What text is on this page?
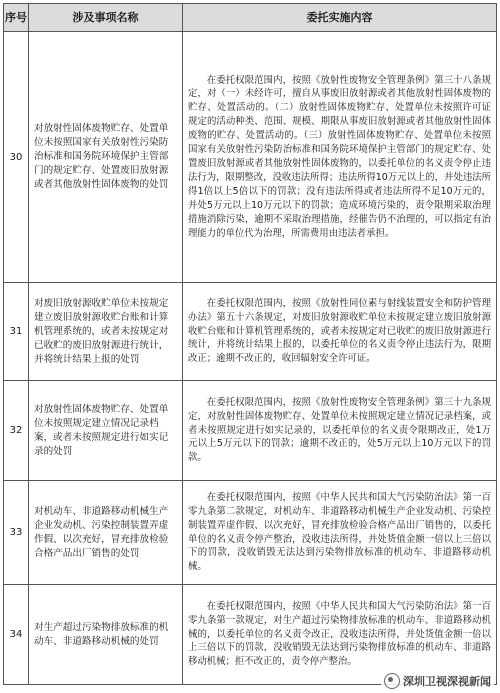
序号	涉及事项名称	委托实施内容
30	对放射性固体废物贮存、处置单位未按照国家有关放射性污染防治标准和国务院环境保护主管部门的规定贮存、处置废旧放射源或者其他放射性固体废物的处罚	在委托权限范围内，按照《放射性废物安全管理条例》第三十八条规定，对（一）未经许可，擅自从事废旧放射源或者其他放射性固体废物的贮存、处置活动的。（二）放射性固体废物贮存、处置单位未按照许可证规定的活动种类、范围、规模、期限从事废旧放射源或者其他放射性固体废物的贮存、处置活动的。（三）放射性固体废物贮存、处置单位未按照国家有关放射性污染防治标准和国务院环境保护主管部门的规定贮存、处置废旧放射源或者其他放射性固体废物的，以委托单位的名义责令停止违法行为，限期整改，没收违法所得；违法所得10万元以上的，并处违法所得1倍以上5倍以下的罚款；没有违法所得或者违法所得不足10万元的，并处5万元以上10万元以下的罚款；造成环境污染的，责令限期采取治理措施消除污染，逾期不采取治理措施，经催告仍不治理的，可以指定有治理能力的单位代为治理，所需费用由违法者承担。

31	对废旧放射源收贮单位未按规定建立废旧放射源收贮台账和计算机管理系统的，或者未按规定对已收贮的废旧放射源进行统计，并将统计结果上报的处罚	在委托权限范围内，按照《放射性同位素与射线装置安全和防护管理办法》第五十六条规定，对废旧放射源收贮单位未按规定建立废旧放射源收贮台账和计算机管理系统的，或者未按规定对已收贮的废旧放射源进行统计，并将统计结果上报的，以委托单位的名义责令停止违法行为，限期改正；逾期不改正的，收回辐射安全许可证。

32	对放射性固体废物贮存、处置单位未按照规定建立情况记录档案，或者未按照规定进行如实记录的处罚	在委托权限范围内，按照《放射性废物安全管理条例》第三十九条规定，对放射性固体废物贮存、处置单位未按照规定建立情况记录档案，或者未按照规定进行如实记录的，以委托单位的名义责令限期改正，处1万元以上5万元以下的罚款；逾期不改正的，处5万元以上10万元以下的罚款。

33	对机动车、非道路移动机械生产企业发动机、污染控制装置弄虚作假、以次充好，冒充排放检验合格产品出厂销售的处罚	在委托权限范围内，按照《中华人民共和国大气污染防治法》第一百零九条第二款规定，对机动车、非道路移动机械生产企业发动机、污染控制装置弄虚作假、以次充好，冒充排放检验合格产品出厂销售的，以委托单位的名义责令停产整治，没收违法所得，并处货值金额一倍以上三倍以下的罚款，没收销毁无法达到污染物排放标准的机动车、非道路移动机械。

34	对生产超过污染物排放标准的机动车、非道路移动机械的处罚	在委托权限范围内，按照《中华人民共和国大气污染防治法》第一百零九条第一款规定，对生产超过污染物排放标准的机动车、非道路移动机械的，以委托单位的名义责令改正，没收违法所得，并处货值金额一倍以上三倍以下的罚款，没收销毁无法达到污染物排放标准的机动车、非道路移动机械；拒不改正的，责令停产整治。

深圳卫视深视新闻
